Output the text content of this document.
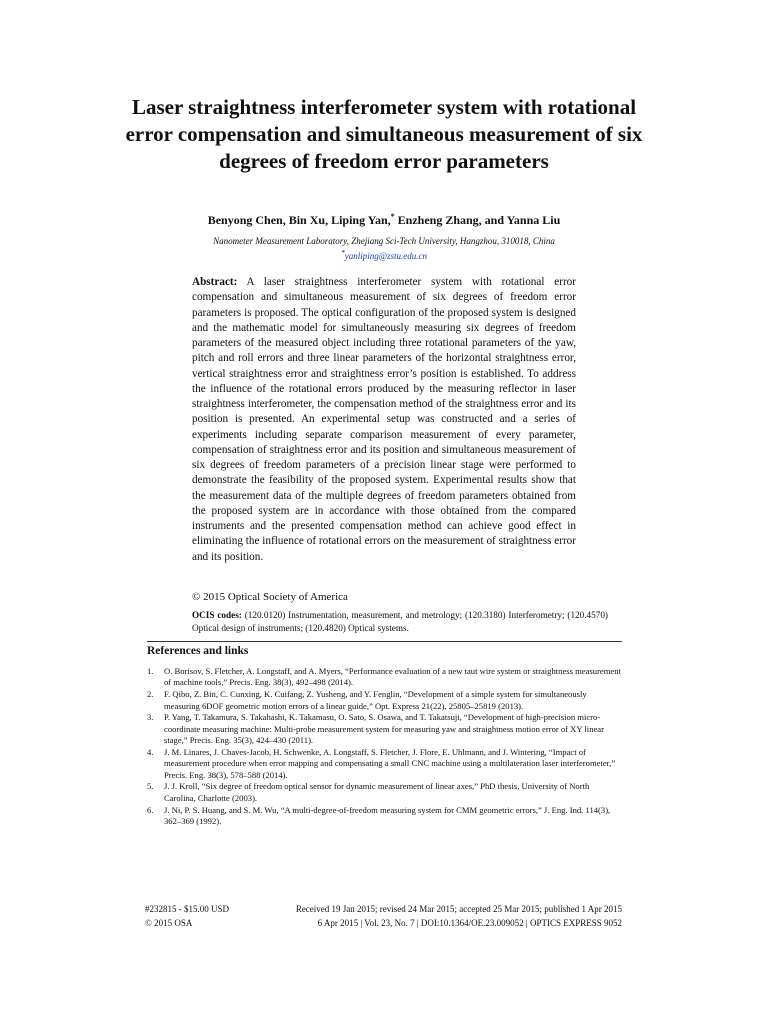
Laser straightness interferometer system with rotational error compensation and simultaneous measurement of six degrees of freedom error parameters
Benyong Chen, Bin Xu, Liping Yan,* Enzheng Zhang, and Yanna Liu
Nanometer Measurement Laboratory, Zhejiang Sci-Tech University, Hangzhou, 310018, China
*yanliping@zstu.edu.cn
Abstract: A laser straightness interferometer system with rotational error compensation and simultaneous measurement of six degrees of freedom error parameters is proposed. The optical configuration of the proposed system is designed and the mathematic model for simultaneously measuring six degrees of freedom parameters of the measured object including three rotational parameters of the yaw, pitch and roll errors and three linear parameters of the horizontal straightness error, vertical straightness error and straightness error’s position is established. To address the influence of the rotational errors produced by the measuring reflector in laser straightness interferometer, the compensation method of the straightness error and its position is presented. An experimental setup was constructed and a series of experiments including separate comparison measurement of every parameter, compensation of straightness error and its position and simultaneous measurement of six degrees of freedom parameters of a precision linear stage were performed to demonstrate the feasibility of the proposed system. Experimental results show that the measurement data of the multiple degrees of freedom parameters obtained from the proposed system are in accordance with those obtained from the compared instruments and the presented compensation method can achieve good effect in eliminating the influence of rotational errors on the measurement of straightness error and its position.
© 2015 Optical Society of America
OCIS codes: (120.0120) Instrumentation, measurement, and metrology; (120.3180) Interferometry; (120.4570) Optical design of instruments; (120.4820) Optical systems.
References and links
1. O. Borisov, S. Fletcher, A. Longstaff, and A. Myers, “Performance evaluation of a new taut wire system or straightness measurement of machine tools,” Precis. Eng. 38(3), 492–498 (2014).
2. F. Qibo, Z. Bin, C. Cunxing, K. Cuifang, Z. Yusheng, and Y. Fenglin, “Development of a simple system for simultaneously measuring 6DOF geometric motion errors of a linear guide,” Opt. Express 21(22), 25805–25819 (2013).
3. P. Yang, T. Takamura, S. Takahashi, K. Takamasu, O. Sato, S. Osawa, and T. Takatsuji, “Development of high-precision micro-coordinate measuring machine: Multi-probe measurement system for measuring yaw and straightness motion error of XY linear stage,” Precis. Eng. 35(3), 424–430 (2011).
4. J. M. Linares, J. Chaves-Jacob, H. Schwenke, A. Longstaff, S. Fletcher, J. Flore, E. Uhlmann, and J. Wintering, “Impact of measurement procedure when error mapping and compensating a small CNC machine using a multilateration laser interferometer,” Precis. Eng. 38(3), 578–588 (2014).
5. J. J. Kroll, “Six degree of freedom optical sensor for dynamic measurement of linear axes,” PhD thesis, University of North Carolina, Charlotte (2003).
6. J. Ni, P. S. Huang, and S. M. Wu, “A multi-degree-of-freedom measuring system for CMM geometric errors,” J. Eng. Ind. 114(3), 362–369 (1992).
#232815 - $15.00 USD	Received 19 Jan 2015; revised 24 Mar 2015; accepted 25 Mar 2015; published 1 Apr 2015
© 2015 OSA	6 Apr 2015 | Vol. 23, No. 7 | DOI:10.1364/OE.23.009052 | OPTICS EXPRESS 9052
